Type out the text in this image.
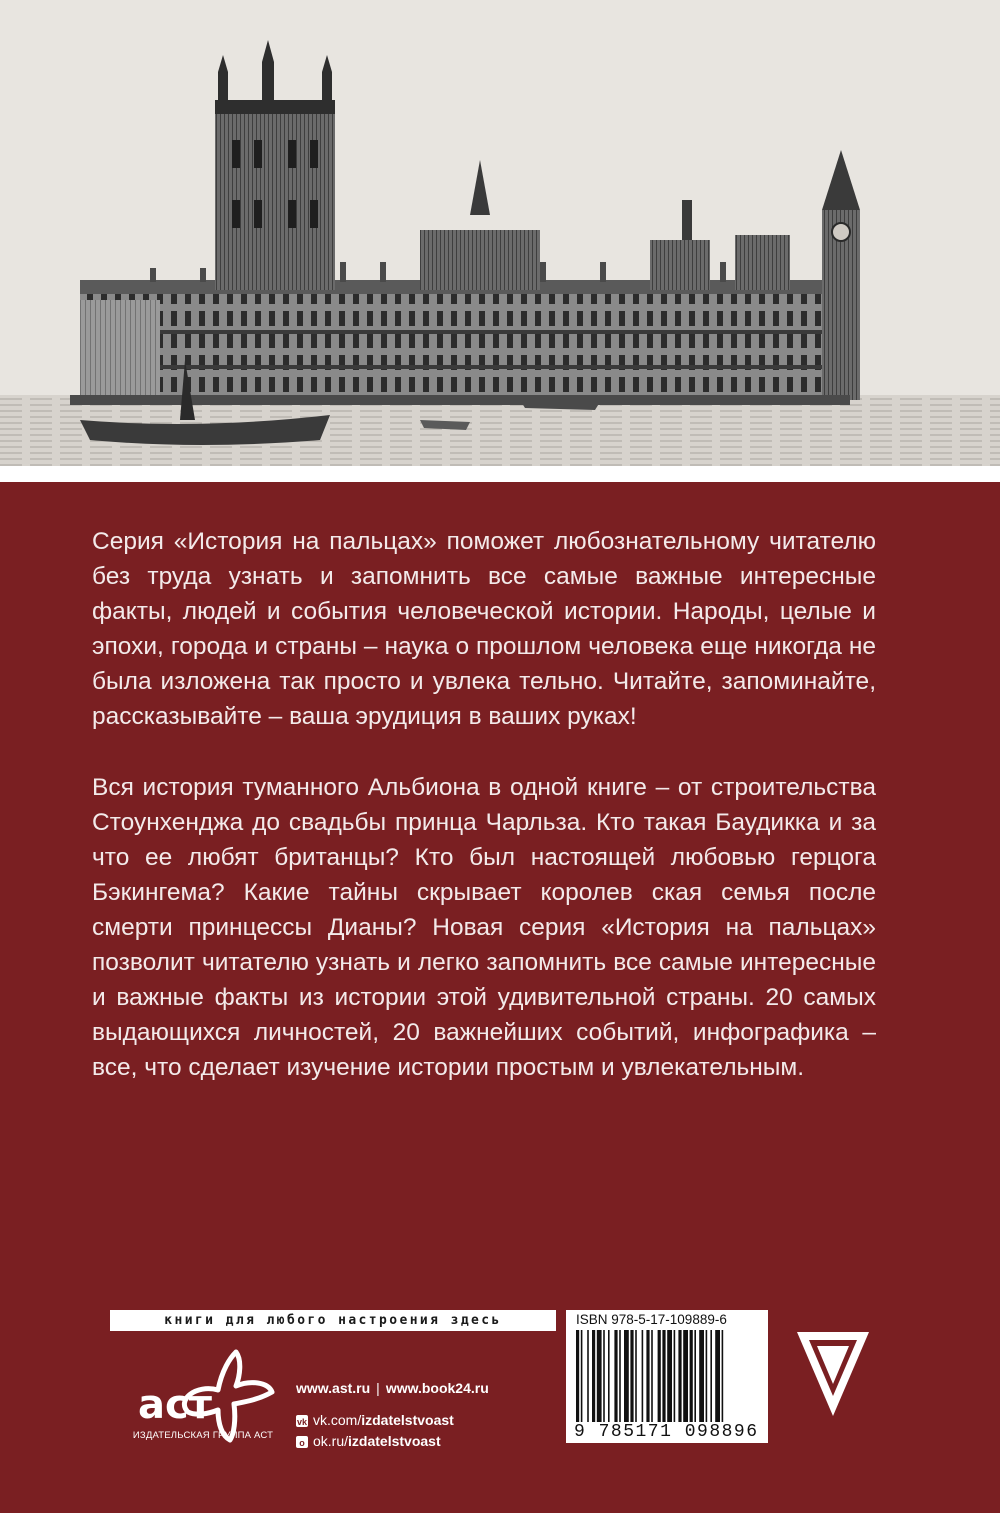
Серия «История на пальцах» поможет любознательному читателю без труда узнать и запомнить все самые важные интересные факты, людей и события человеческой истории. Народы, целые и эпохи, города и страны – наука о прошлом человека еще никогда не была изложена так просто и увлека тельно. Читайте, запоминайте, рассказывайте – ваша эрудиция в ваших руках!

Вся история туманного Альбиона в одной книге – от строительства Стоунхенджа до свадьбы принца Чарльза. Кто такая Баудикка и за что ее любят британцы? Кто был настоящей любовью герцога Бэкингема? Какие тайны скрывает королев ская семья после смерти принцессы Дианы? Новая серия «История на пальцах» позволит читателю узнать и легко запомнить все самые интересные и важные факты из истории этой удивительной страны. 20 самых выдающихся личностей, 20 важнейших событий, инфографика – все, что сделает изучение истории простым и увлекательным.

книги для любого настроения здесь
аст
ИЗДАТЕЛЬСКАЯ ГРУППА АСТ
www.ast.ru | www.book24.ru
vk
vk.com/ izdatelstvoast
o
ok.ru/ izdatelstvoast
ISBN 978-5-17-109889-6
9 785171 098896
